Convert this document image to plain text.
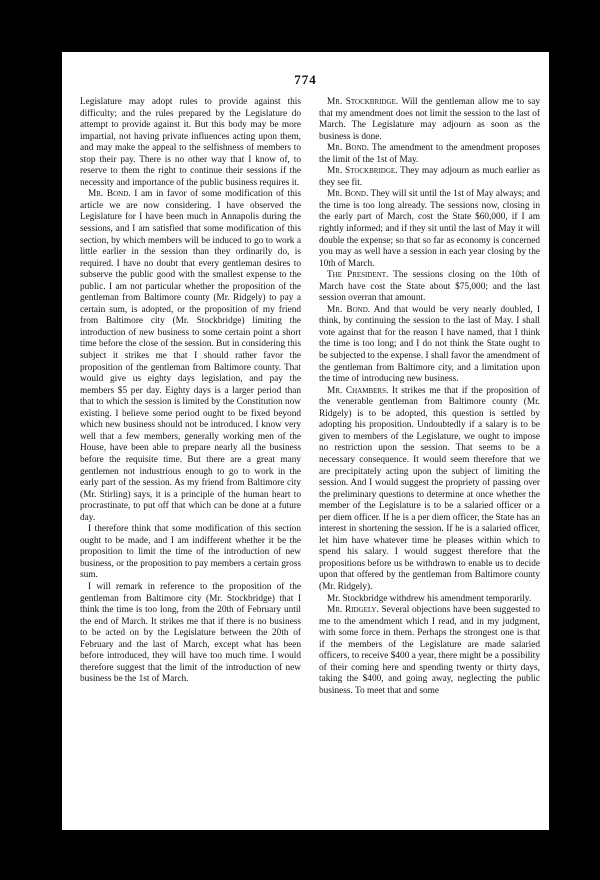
774

Legislature may adopt rules to provide against this difficulty; and the rules prepared by the Legislature do attempt to provide against it. But this body may be more impartial, not having private influences acting upon them, and may make the appeal to the selfishness of members to stop their pay. There is no other way that I know of, to reserve to them the right to continue their sessions if the necessity and importance of the public business requires it.

Mr. Bond. I am in favor of some modification of this article we are now considering. I have observed the Legislature for I have been much in Annapolis during the sessions, and I am satisfied that some modification of this section, by which members will be induced to go to work a little earlier in the session than they ordinarily do, is required. I have no doubt that every gentleman desires to subserve the public good with the smallest expense to the public. I am not particular whether the proposition of the gentleman from Baltimore county (Mr. Ridgely) to pay a certain sum, is adopted, or the proposition of my friend from Baltimore city (Mr. Stockbridge) limiting the introduction of new business to some certain point a short time before the close of the session. But in considering this subject it strikes me that I should rather favor the proposition of the gentleman from Baltimore county. That would give us eighty days legislation, and pay the members $5 per day. Eighty days is a larger period than that to which the session is limited by the Constitution now existing. I believe some period ought to be fixed beyond which new business should not be introduced. I know very well that a few members, generally working men of the House, have been able to prepare nearly all the business before the requisite time. But there are a great many gentlemen not industrious enough to go to work in the early part of the session. As my friend from Baltimore city (Mr. Stirling) says, it is a principle of the human heart to procrastinate, to put off that which can be done at a future day.

I therefore think that some modification of this section ought to be made, and I am indifferent whether it be the proposition to limit the time of the introduction of new business, or the proposition to pay members a certain gross sum.

I will remark in reference to the proposition of the gentleman from Baltimore city (Mr. Stockbridge) that I think the time is too long, from the 20th of February until the end of March. It strikes me that if there is no business to be acted on by the Legislature between the 20th of February and the last of March, except what has been before introduced, they will have too much time. I would therefore suggest that the limit of the introduction of new business be the 1st of March.

Mr. Stockbridge. Will the gentleman allow me to say that my amendment does not limit the session to the last of March. The Legislature may adjourn as soon as the business is done.

Mr. Bond. The amendment to the amendment proposes the limit of the 1st of May.

Mr. Stockbridge. They may adjourn as much earlier as they see fit.

Mr. Bond. They will sit until the 1st of May always; and the time is too long already. The sessions now, closing in the early part of March, cost the State $60,000, if I am rightly informed; and if they sit until the last of May it will double the expense; so that so far as economy is concerned you may as well have a session in each year closing by the 10th of March.

The President. The sessions closing on the 10th of March have cost the State about $75,000; and the last session overran that amount.

Mr. Bond. And that would be very nearly doubled, I think, by continuing the session to the last of May. I shall vote against that for the reason I have named, that I think the time is too long; and I do not think the State ought to be subjected to the expense. I shall favor the amendment of the gentleman from Baltimore city, and a limitation upon the time of introducing new business.

Mr. Chambers. It strikes me that if the proposition of the venerable gentleman from Baltimore county (Mr. Ridgely) is to be adopted, this question is settled by adopting his proposition. Undoubtedly if a salary is to be given to members of the Legislature, we ought to impose no restriction upon the session. That seems to be a necessary consequence. It would seem therefore that we are precipitately acting upon the subject of limiting the session. And I would suggest the propriety of passing over the preliminary questions to determine at once whether the member of the Legislature is to be a salaried officer or a per diem officer. If he is a per diem officer, the State has an interest in shortening the session. If he is a salaried officer, let him have whatever time he pleases within which to spend his salary. I would suggest therefore that the propositions before us be withdrawn to enable us to decide upon that offered by the gentleman from Baltimore county (Mr. Ridgely).

Mr. Stockbridge withdrew his amendment temporarily.

Mr. Ridgely. Several objections have been suggested to me to the amendment which I read, and in my judgment, with some force in them. Perhaps the strongest one is that if the members of the Legislature are made salaried officers, to receive $400 a year, there might be a possibility of their coming here and spending twenty or thirty days, taking the $400, and going away, neglecting the public business. To meet that and some
